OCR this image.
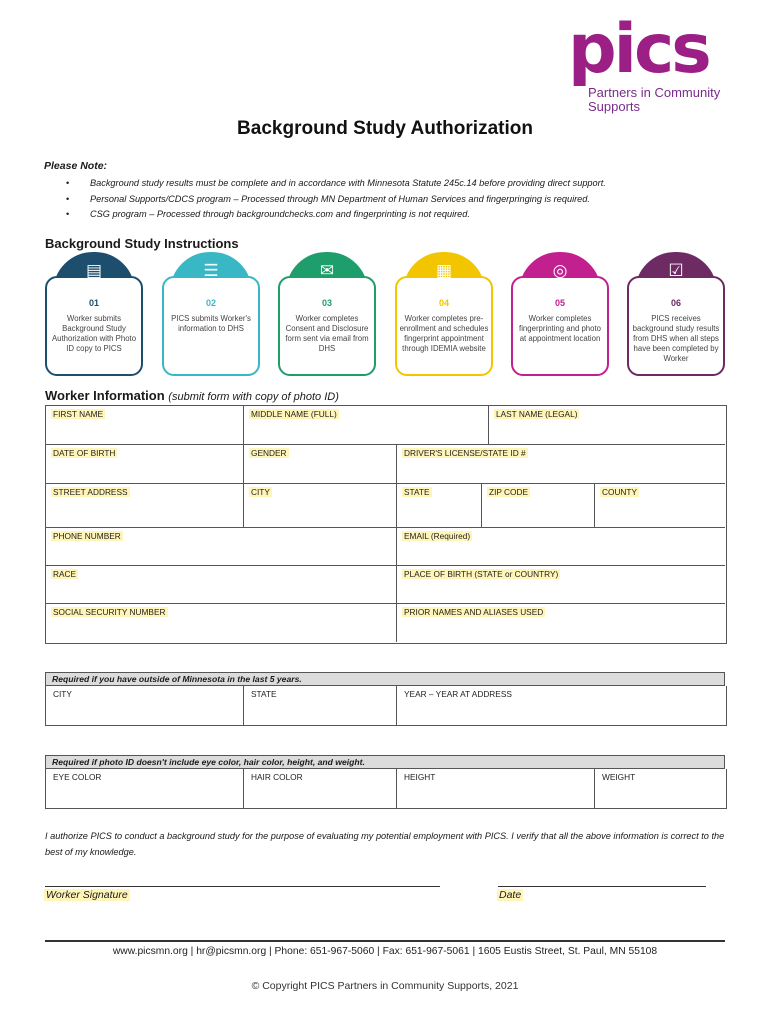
pics
Partners in Community Supports
Background Study Authorization
Please Note:
• Background study results must be complete and in accordance with Minnesota Statute 245c.14 before providing direct support.
• Personal Supports/CDCS program – Processed through MN Department of Human Services and fingerpringing is required.
• CSG program – Processed through backgroundchecks.com and fingerprinting is not required.
Background Study Instructions
▤
01
Worker submits Background Study Authorization with Photo ID copy to PICS
☰
02
PICS submits Worker's information to DHS
✉
03
Worker completes Consent and Disclosure form sent via email from DHS
▦
04
Worker completes pre-enrollment and schedules fingerprint appointment through IDEMIA website
◎
05
Worker completes fingerprinting and photo at appointment location
☑
06
PICS receives background study results from DHS when all steps have been completed by Worker
Worker Information (submit form with copy of photo ID)
FIRST NAME	MIDDLE NAME (FULL)	LAST NAME (LEGAL)
DATE OF BIRTH	GENDER	DRIVER'S LICENSE/STATE ID #
STREET ADDRESS	CITY	STATE	ZIP CODE	COUNTY
PHONE NUMBER	EMAIL (Required)
RACE	PLACE OF BIRTH (STATE or COUNTRY)
SOCIAL SECURITY NUMBER	PRIOR NAMES AND ALIASES USED
Required if you have outside of Minnesota in the last 5 years.
CITY	STATE	YEAR – YEAR AT ADDRESS
Required if photo ID doesn't include eye color, hair color, height, and weight.
EYE COLOR	HAIR COLOR	HEIGHT	WEIGHT
I authorize PICS to conduct a background study for the purpose of evaluating my potential employment with PICS. I verify that all the above information is correct to the best of my knowledge.
Worker Signature	Date
www.picsmn.org | hr@picsmn.org | Phone: 651-967-5060 | Fax: 651-967-5061 | 1605 Eustis Street, St. Paul, MN 55108
© Copyright PICS Partners in Community Supports, 2021
